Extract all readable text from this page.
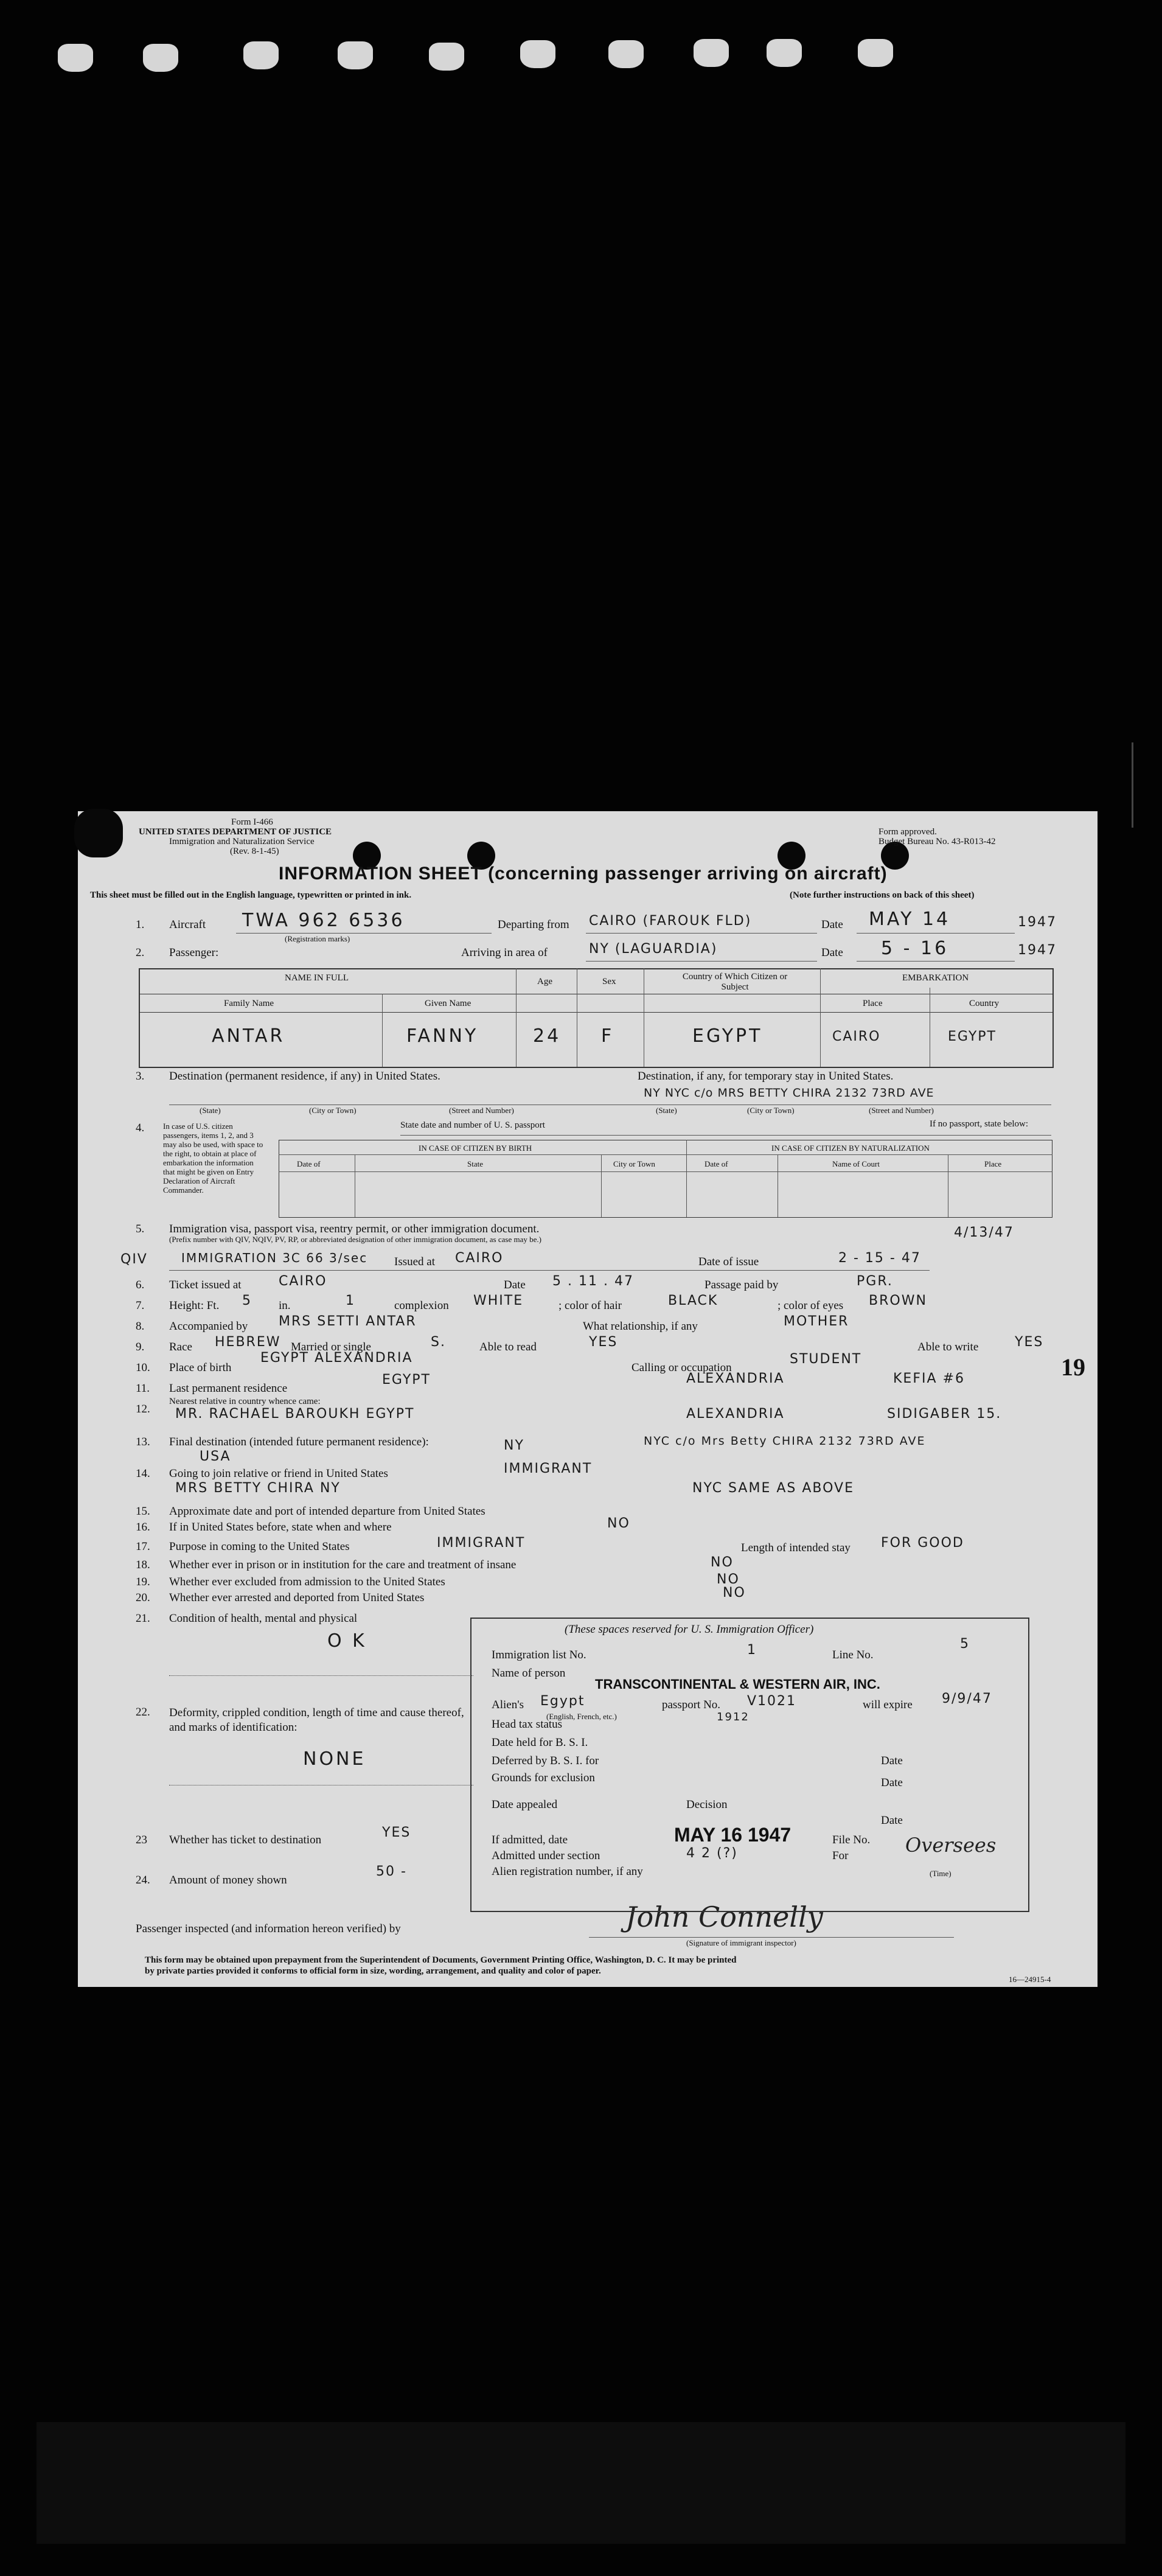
Form I-466
UNITED STATES DEPARTMENT OF JUSTICE
Immigration and Naturalization Service
(Rev. 8-1-45)
Form approved.
Budget Bureau No. 43-R013-42
INFORMATION SHEET (concerning passenger arriving on aircraft)
This sheet must be filled out in the English language, typewritten or printed in ink.	(Note further instructions on back of this sheet)
1. Aircraft TWA 962 6536
(Registration marks)
Departing from CAIRO (FAROUK FLD)	Date MAY 14	1947
2. Passenger:	Arriving in area of	NY (LAGUARDIA)	Date 5 - 16	1947
NAME IN FULL
Family Name	Given Name
Age	Sex	Country of Which Citizen or Subject
EMBARKATION
Place	Country
ANTAR	FANNY	24 F	EGYPT	CAIRO	EGYPT
3. Destination (permanent residence, if any) in United States.	Destination, if any, for temporary stay in United States.
NY NYC c/o MRS BETTY CHIRA 2132 73RD AVE
(State)	(City or Town)	(Street and Number)	(State)	(City or Town)	(Street and Number)
If no passport, state below:
4. In case of U.S. citizen passengers, items 1, 2, and 3 may also be used, with space to the right, to obtain at place of embarkation the information that might be given on Entry Declaration of Aircraft Commander.
State date and number of U. S. passport
IN CASE OF CITIZEN BY BIRTH	IN CASE OF CITIZEN BY NATURALIZATION
Date of	State	City or Town	Date of	Name of Court	Place
5. Immigration visa, passport visa, reentry permit, or other immigration document.
(Prefix number with QIV, NQIV, PV, RP, or abbreviated designation of other immigration document, as case may be.)	4/13/47
QIV	IMMIGRATION 3C 66 3/sec Issued at CAIRO	Date of issue	2 - 15 - 47
6. Ticket issued at	CAIRO	Date 5 . 11 . 47	Passage paid by	PGR.
7. Height: Ft. 5 in.	1	complexion WHITE	; color of hair	BLACK	; color of eyes BROWN
8. Accompanied by MRS SETTI ANTAR	What relationship, if any	MOTHER
9. Race HEBREW Married or single	S.	Able to read	YES	Able to write	YES
10. Place of birth
EGYPT ALEXANDRIA
Calling or occupation
STUDENT
11. Last permanent residence
EGYPT	ALEXANDRIA	KEFIA #6
12.
Nearest relative in country whence came:
MR. RACHAEL BAROUKH EGYPT	ALEXANDRIA	SIDIGABER 15.
13. Final destination (intended future permanent residence):
USA
NY	NYC c/o Mrs Betty CHIRA 2132 73RD AVE
14. Going to join relative or friend in United States
MRS BETTY CHIRA NY
IMMIGRANT
NYC SAME AS ABOVE
15. Approximate date and port of intended departure from United States
16. If in United States before, state when and where	NO
17. Purpose in coming to the United States	IMMIGRANT	Length of intended stay FOR GOOD
18. Whether ever in prison or in institution for the care and treatment of insane	NO
19. Whether ever excluded from admission to the United States	NO
20. Whether ever arrested and deported from United States	NO
19
21. Condition of health, mental and physical
O K
22. Deformity, crippled condition, length of time and cause thereof, and marks of identification:
NONE
23 Whether has ticket to destination	YES
24. Amount of money shown
50 -
Passenger inspected (and information hereon verified) by	John Connelly
(Signature of immigrant inspector)
(These spaces reserved for U. S. Immigration Officer)
Immigration list No.	1	Line No.
5
Name of person
TRANSCONTINENTAL & WESTERN AIR, INC.
Alien's Egypt	passport No. V1021	will expire 9/9/47
(English, French, etc.)
Head tax status
1912
Date held for B. S. I.
Deferred by B. S. I. for	Date
Grounds for exclusion	Date
Date appealed	Decision
Date
If admitted, date	MAY 16 1947	File No.
Admitted under section	4 2 (?)	For	Oversees
Alien registration number, if any	(Time)
This form may be obtained upon prepayment from the Superintendent of Documents, Government Printing Office, Washington, D. C. It may be printed
by private parties provided it conforms to official form in size, wording, arrangement, and quality and color of paper.
16—24915-4
